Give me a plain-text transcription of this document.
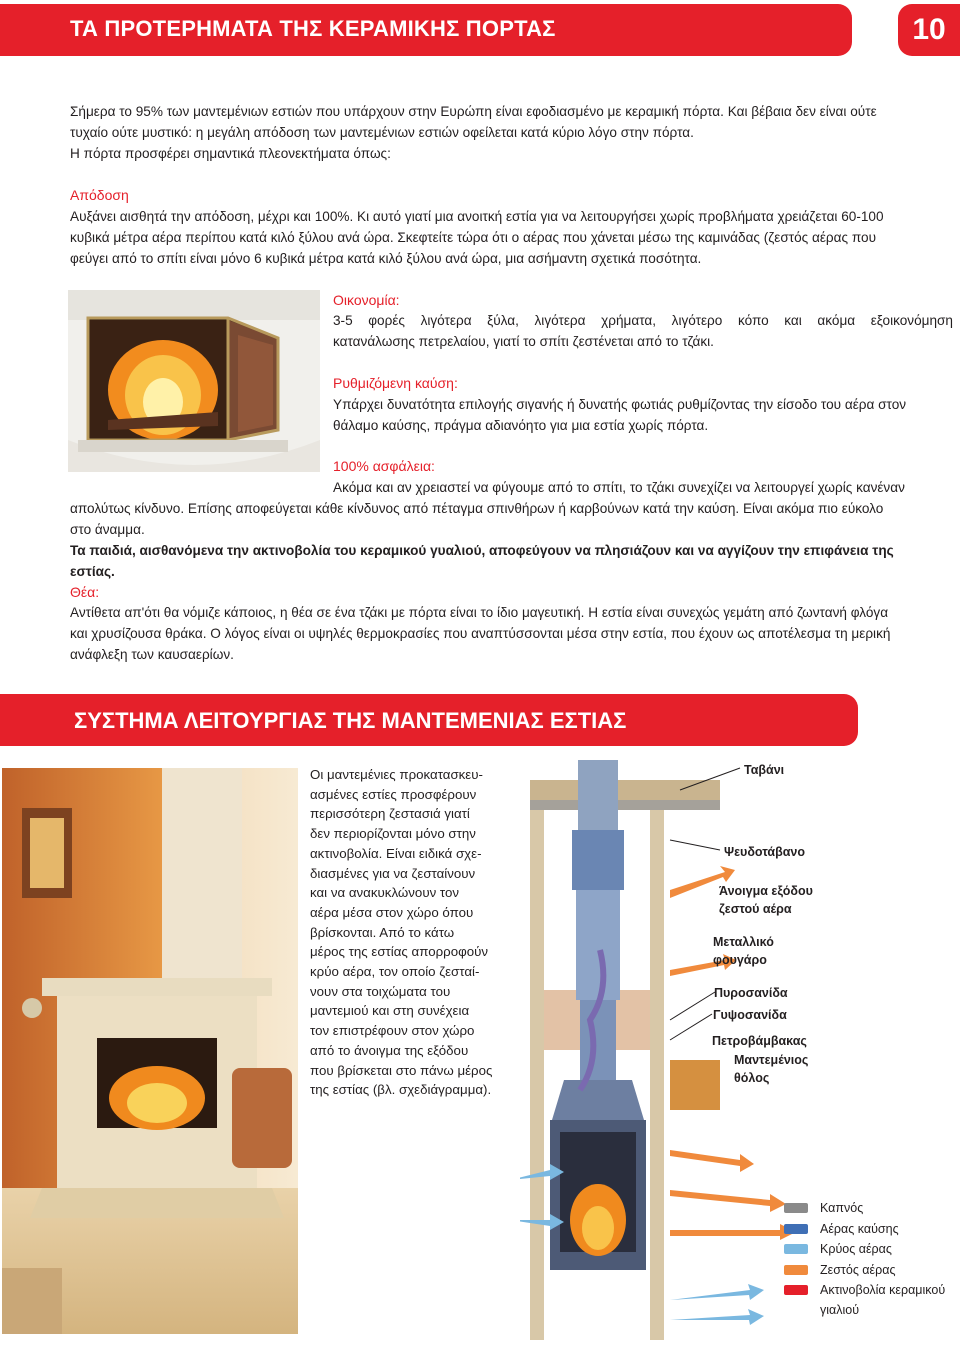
ΤΑ ΠΡΟΤΕΡΗΜΑΤΑ ΤΗΣ ΚΕΡΑΜΙΚΗΣ ΠΟΡΤΑΣ	10
Σήμερα το 95% των μαντεμένιων εστιών που υπάρχουν στην Ευρώπη είναι εφοδιασμένο με κεραμική πόρτα. Και βέβαια δεν είναι ούτε
τυχαίο ούτε μυστικό: η μεγάλη απόδοση των μαντεμένιων εστιών οφείλεται κατά κύριο λόγο στην πόρτα.
Η πόρτα προσφέρει σημαντικά πλεονεκτήματα όπως:
Απόδοση
Αυξάνει αισθητά την απόδοση, μέχρι και 100%. Κι αυτό γιατί μια ανοιτκή εστία για να λειτουργήσει χωρίς προβλήματα χρειάζεται 60-100
κυβικά μέτρα αέρα περίπου κατά κιλό ξύλου ανά ώρα. Σκεφτείτε τώρα ότι ο αέρας που χάνεται μέσω της καμινάδας (ζεστός αέρας που
φεύγει από το σπίτι είναι μόνο 6 κυβικά μέτρα κατά κιλό ξύλου ανά ώρα, μια ασήμαντη σχετικά ποσότητα.
Οικονομία:
3-5 φορές λιγότερα ξύλα, λιγότερα χρήματα, λιγότερο κόπο και ακόμα εξοικονόμηση
κατανάλωσης πετρελαίου, γιατί το σπίτι ζεστένεται από το τζάκι.
Ρυθμιζόμενη καύση:
Υπάρχει δυνατότητα επιλογής σιγανής ή δυνατής φωτιάς ρυθμίζοντας την είσοδο του αέρα στον
θάλαμο καύσης, πράγμα αδιανόητο για μια εστία χωρίς πόρτα.
100% ασφάλεια:
Ακόμα και αν χρειαστεί να φύγουμε από το σπίτι, το τζάκι συνεχίζει να λειτουργεί χωρίς κανέναν
απολύτως κίνδυνο. Επίσης αποφεύγεται κάθε κίνδυνος από πέταγμα σπινθήρων ή καρβούνων κατά την καύση. Είναι ακόμα πιο εύκολο
στο άναμμα.
Τα παιδιά, αισθανόμενα την ακτινοβολία του κεραμικού γυαλιού, αποφεύγουν να πλησιάζουν και να αγγίζουν την επιφάνεια της
εστίας.
Θέα:
Αντίθετα απ'ότι θα νόμιζε κάποιος, η θέα σε ένα τζάκι με πόρτα είναι το ίδιο μαγευτική. Η εστία είναι συνεχώς γεμάτη από ζωντανή φλόγα
και χρυσίζουσα θράκα. Ο λόγος είναι οι υψηλές θερμοκρασίες που αναπτύσσονται μέσα στην εστία, που έχουν ως αποτέλεσμα τη μερική
ανάφλεξη των καυσαερίων.
ΣΥΣΤΗΜΑ ΛΕΙΤΟΥΡΓΙΑΣ ΤΗΣ ΜΑΝΤΕΜΕΝΙΑΣ ΕΣΤΙΑΣ
Οι μαντεμένιες προκατασκευ-
ασμένες εστίες προσφέρουν
περισσότερη ζεστασιά γιατί
δεν περιορίζονται μόνο στην
ακτινοβολία. Είναι ειδικά σχε-
διασμένες για να ζεσταίνουν
και να ανακυκλώνουν τον
αέρα μέσα στον χώρο όπου
βρίσκονται. Από το κάτω
μέρος της εστίας απορροφούν
κρύο αέρα, τον οποίο ζεσταί-
νουν στα τοιχώματα του
μαντεμιού και στη συνέχεια
τον επιστρέφουν στον χώρο
από το άνοιγμα της εξόδου
που βρίσκεται στο πάνω μέρος
της εστίας (βλ. σχεδιάγραμμα).
Ταβάνι
Ψευδοτάβανο
Άνοιγμα εξόδου
ζεστού αέρα
Μεταλλικό
φουγάρο
Πυροσανίδα
Γυψοσανίδα
Πετροβάμβακας
Μαντεμένιος
θόλος
Καπνός
Αέρας καύσης
Κρύος αέρας
Ζεστός αέρας
Ακτινοβολία κεραμικού
γιαλιού
